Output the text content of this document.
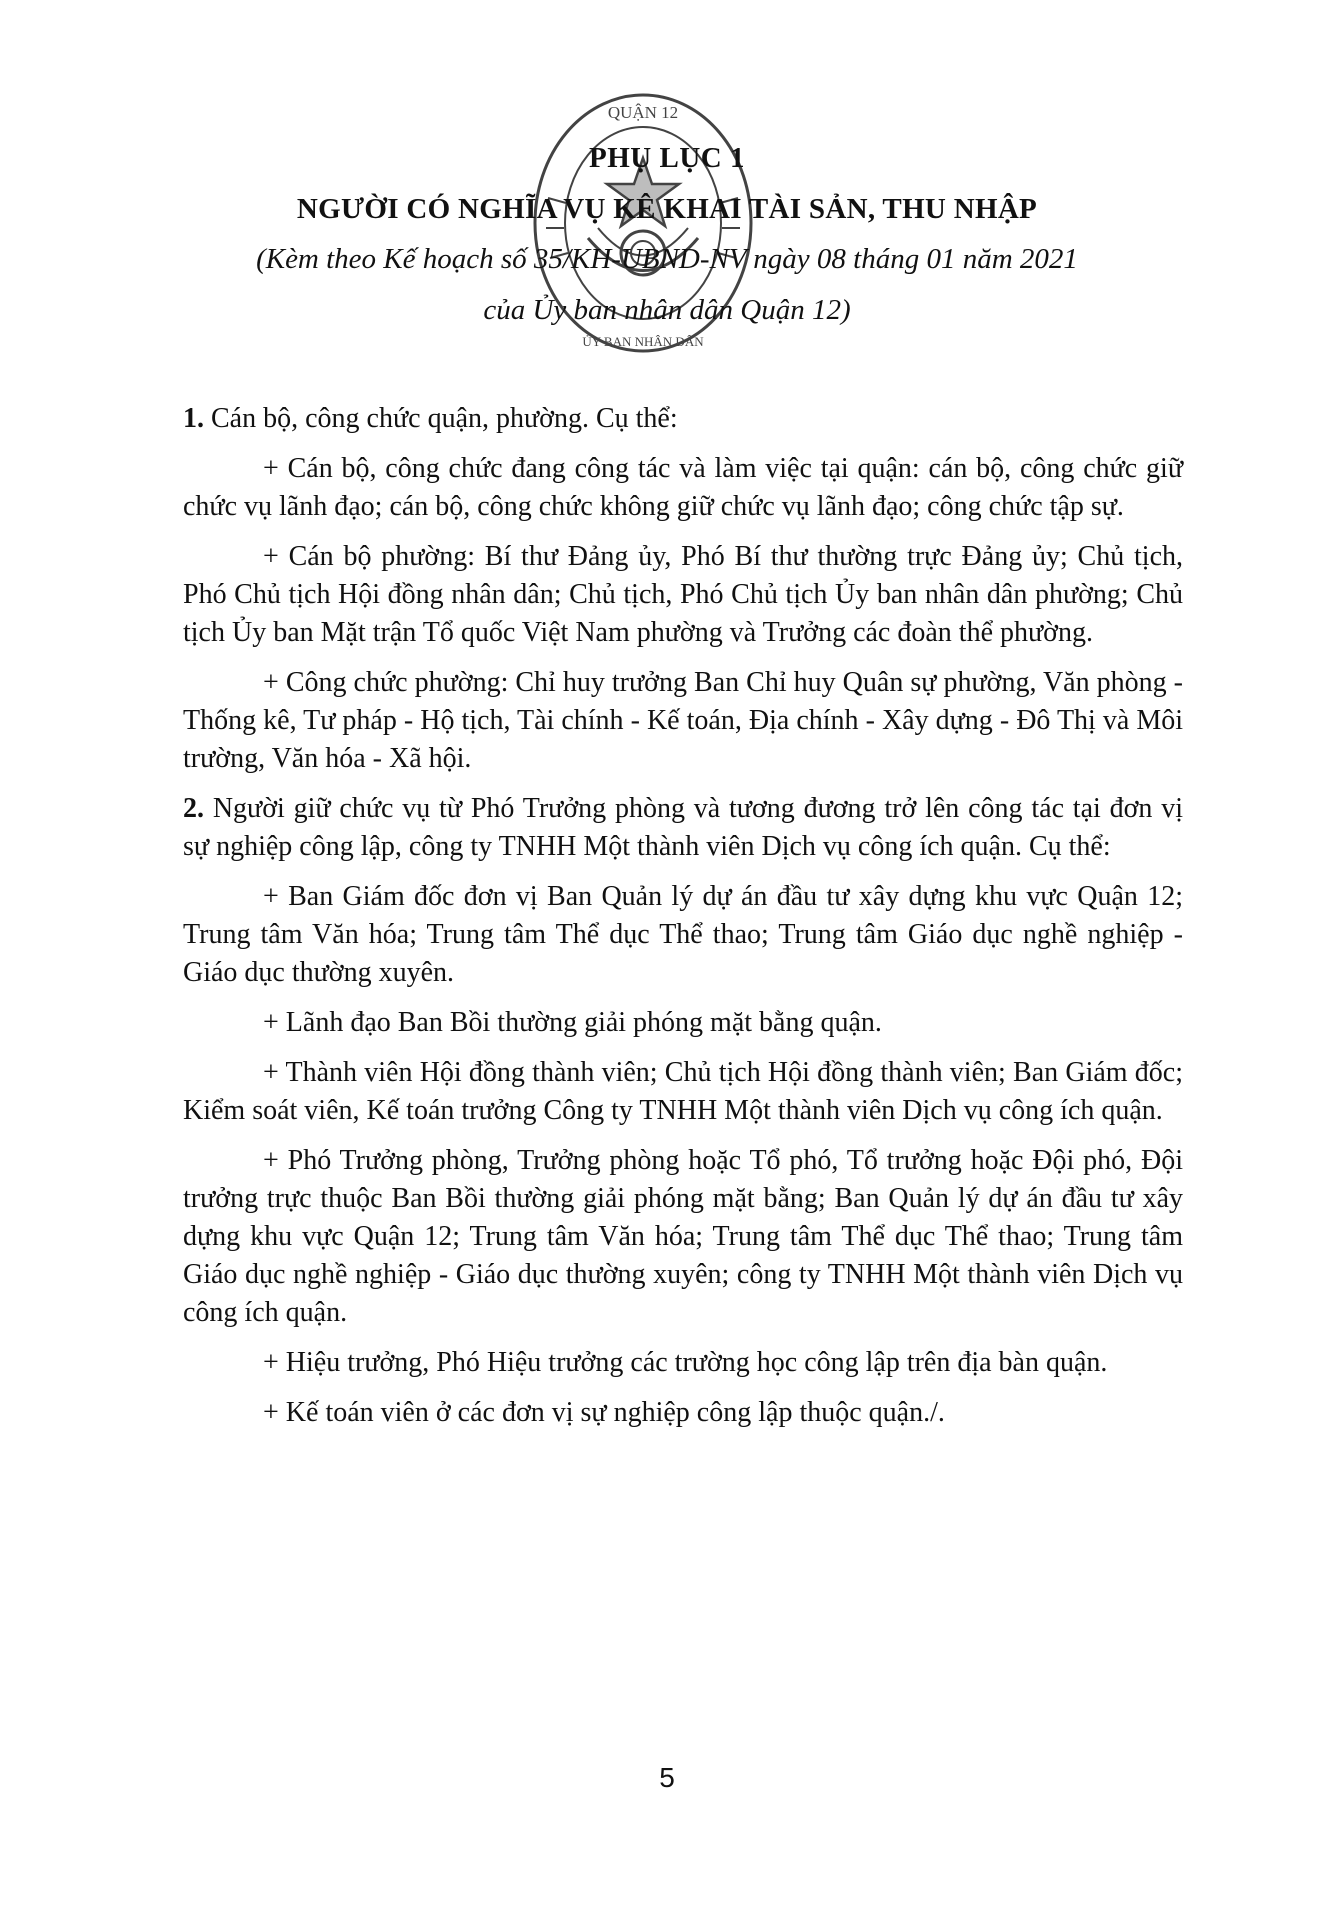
QUẬN 12
ỦY BAN NHÂN DÂN
PHỤ LỤC 1
NGƯỜI CÓ NGHĨA VỤ KÊ KHAI TÀI SẢN, THU NHẬP
(Kèm theo Kế hoạch số 35/KH-UBND-NV ngày 08 tháng 01 năm 2021
của Ủy ban nhân dân Quận 12)

1. Cán bộ, công chức quận, phường. Cụ thể:

+ Cán bộ, công chức đang công tác và làm việc tại quận: cán bộ, công chức giữ chức vụ lãnh đạo; cán bộ, công chức không giữ chức vụ lãnh đạo; công chức tập sự.

+ Cán bộ phường: Bí thư Đảng ủy, Phó Bí thư thường trực Đảng ủy; Chủ tịch, Phó Chủ tịch Hội đồng nhân dân; Chủ tịch, Phó Chủ tịch Ủy ban nhân dân phường; Chủ tịch Ủy ban Mặt trận Tổ quốc Việt Nam phường và Trưởng các đoàn thể phường.

+ Công chức phường: Chỉ huy trưởng Ban Chỉ huy Quân sự phường, Văn phòng - Thống kê, Tư pháp - Hộ tịch, Tài chính - Kế toán, Địa chính - Xây dựng - Đô Thị và Môi trường, Văn hóa - Xã hội.

2. Người giữ chức vụ từ Phó Trưởng phòng và tương đương trở lên công tác tại đơn vị sự nghiệp công lập, công ty TNHH Một thành viên Dịch vụ công ích quận. Cụ thể:

+ Ban Giám đốc đơn vị Ban Quản lý dự án đầu tư xây dựng khu vực Quận 12; Trung tâm Văn hóa; Trung tâm Thể dục Thể thao; Trung tâm Giáo dục nghề nghiệp - Giáo dục thường xuyên.

+ Lãnh đạo Ban Bồi thường giải phóng mặt bằng quận.

+ Thành viên Hội đồng thành viên; Chủ tịch Hội đồng thành viên; Ban Giám đốc; Kiểm soát viên, Kế toán trưởng Công ty TNHH Một thành viên Dịch vụ công ích quận.

+ Phó Trưởng phòng, Trưởng phòng hoặc Tổ phó, Tổ trưởng hoặc Đội phó, Đội trưởng trực thuộc Ban Bồi thường giải phóng mặt bằng; Ban Quản lý dự án đầu tư xây dựng khu vực Quận 12; Trung tâm Văn hóa; Trung tâm Thể dục Thể thao; Trung tâm Giáo dục nghề nghiệp - Giáo dục thường xuyên; công ty TNHH Một thành viên Dịch vụ công ích quận.

+ Hiệu trưởng, Phó Hiệu trưởng các trường học công lập trên địa bàn quận.

+ Kế toán viên ở các đơn vị sự nghiệp công lập thuộc quận./.

5
